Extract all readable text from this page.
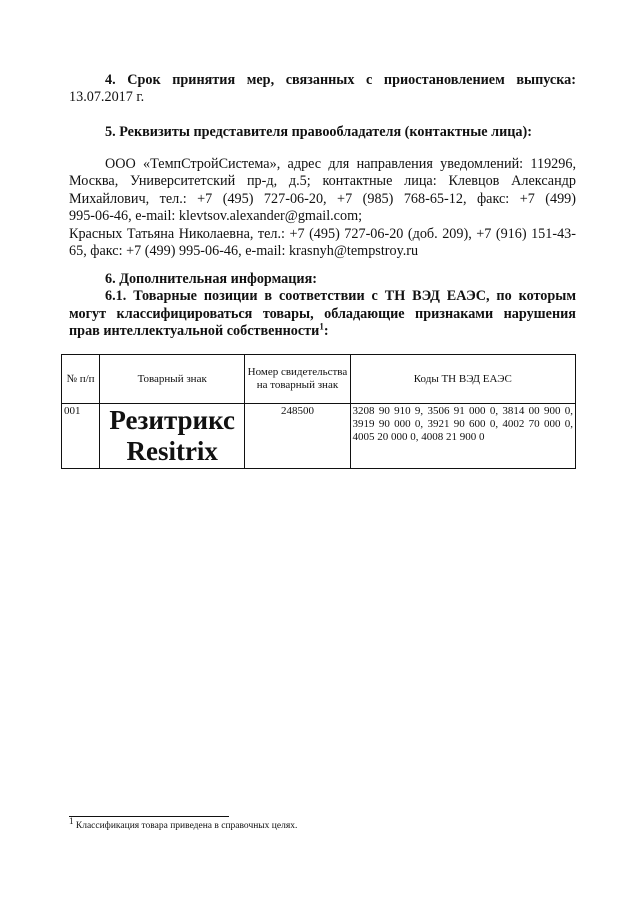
4. Срок принятия мер, связанных с приостановлением выпуска:
13.07.2017 г.
5. Реквизиты представителя правообладателя (контактные лица):
ООО «ТемпСтройСистема», адрес для направления уведомлений: 119296,
Москва, Университетский пр-д, д.5; контактные лица: Клевцов Александр
Михайлович, тел.: +7 (495) 727-06-20, +7 (985) 768-65-12, факс: +7 (499)
995-06-46, e-mail: klevtsov.alexander@gmail.com;
Красных Татьяна Николаевна, тел.: +7 (495) 727-06-20 (доб. 209), +7 (916) 151-43-
65, факс: +7 (499) 995-06-46, e-mail: krasnyh@tempstroy.ru
6. Дополнительная информация:
6.1. Товарные позиции в соответствии с ТН ВЭД ЕАЭС, по которым
могут классифицироваться товары, обладающие признаками нарушения
прав интеллектуальной собственности$^1$:
№ п/п	Товарный знак	Номер свидетельства на товарный знак	Коды ТН ВЭД ЕАЭС
001	Резитрикс
Resitrix	248500	3208 90 910 9, 3506 91 000 0, 3814 00 900 0, 3919 90 000 0, 3921 90 600 0, 4002 70 000 0, 4005 20 000 0, 4008 21 900 0
$^1$ Классификация товара приведена в справочных целях.
